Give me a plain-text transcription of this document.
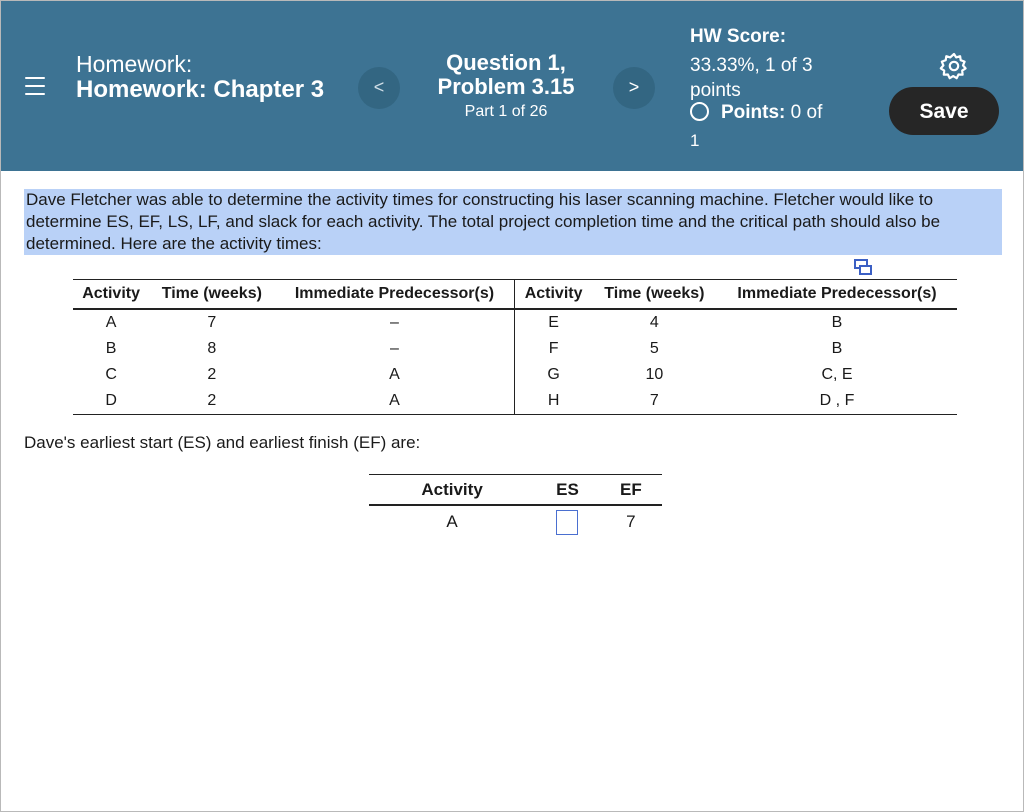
Homework:
Homework: Chapter 3	<
Question 1, Problem 3.15
Part 1 of 26
>
HW Score:
33.33%, 1 of 3 points
Points: 0 of
1
Save
Dave Fletcher was able to determine the activity times for constructing his laser scanning machine. Fletcher would like to determine ES, EF, LS, LF, and slack for each activity. The total project completion time and the critical path should also be determined. Here are the activity times:
Activity	Time (weeks)	Immediate Predecessor(s)	Activity	Time (weeks)	Immediate Predecessor(s)
A	7	–	E	4	B
B	8	–	F	5	B
C	2	A	G	10	C, E
D	2	A	H	7	D , F
Dave's earliest start (ES) and earliest finish (EF) are:
Activity	ES	EF
A		7
